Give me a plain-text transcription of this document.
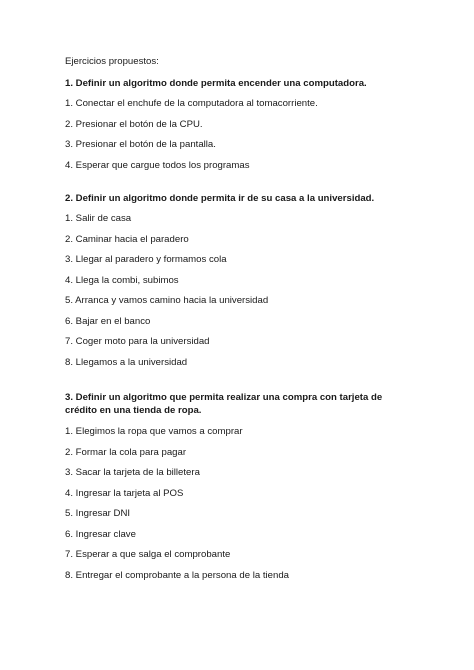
Ejercicios propuestos:

1. Definir un algoritmo donde permita encender una computadora.

1. Conectar el enchufe de la computadora al tomacorriente.

2. Presionar el botón de la CPU.

3. Presionar el botón de la pantalla.

4. Esperar que cargue todos los programas

2. Definir un algoritmo donde permita ir de su casa a la universidad.

1. Salir de casa

2. Caminar hacia el paradero

3. Llegar al paradero y formamos cola

4. Llega la combi, subimos

5. Arranca y vamos camino hacia la universidad

6. Bajar en el banco

7. Coger moto para la universidad

8. Llegamos a la universidad

3. Definir un algoritmo que permita realizar una compra con tarjeta de crédito en una tienda de ropa.

1. Elegimos la ropa que vamos a comprar

2. Formar la cola para pagar

3. Sacar la tarjeta de la billetera

4. Ingresar la tarjeta al POS

5. Ingresar DNI

6. Ingresar clave

7. Esperar a que salga el comprobante

8. Entregar el comprobante a la persona de la tienda
